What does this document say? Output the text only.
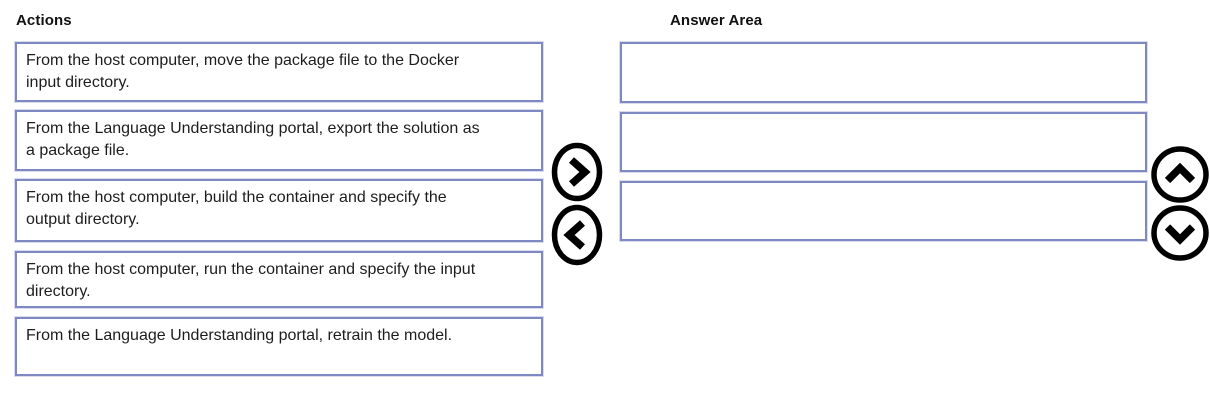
Actions	Answer Area
From the host computer, move the package file to the Docker
input directory.
From the Language Understanding portal, export the solution as
a package file.
From the host computer, build the container and specify the
output directory.
From the host computer, run the container and specify the input
directory.
From the Language Understanding portal, retrain the model.
